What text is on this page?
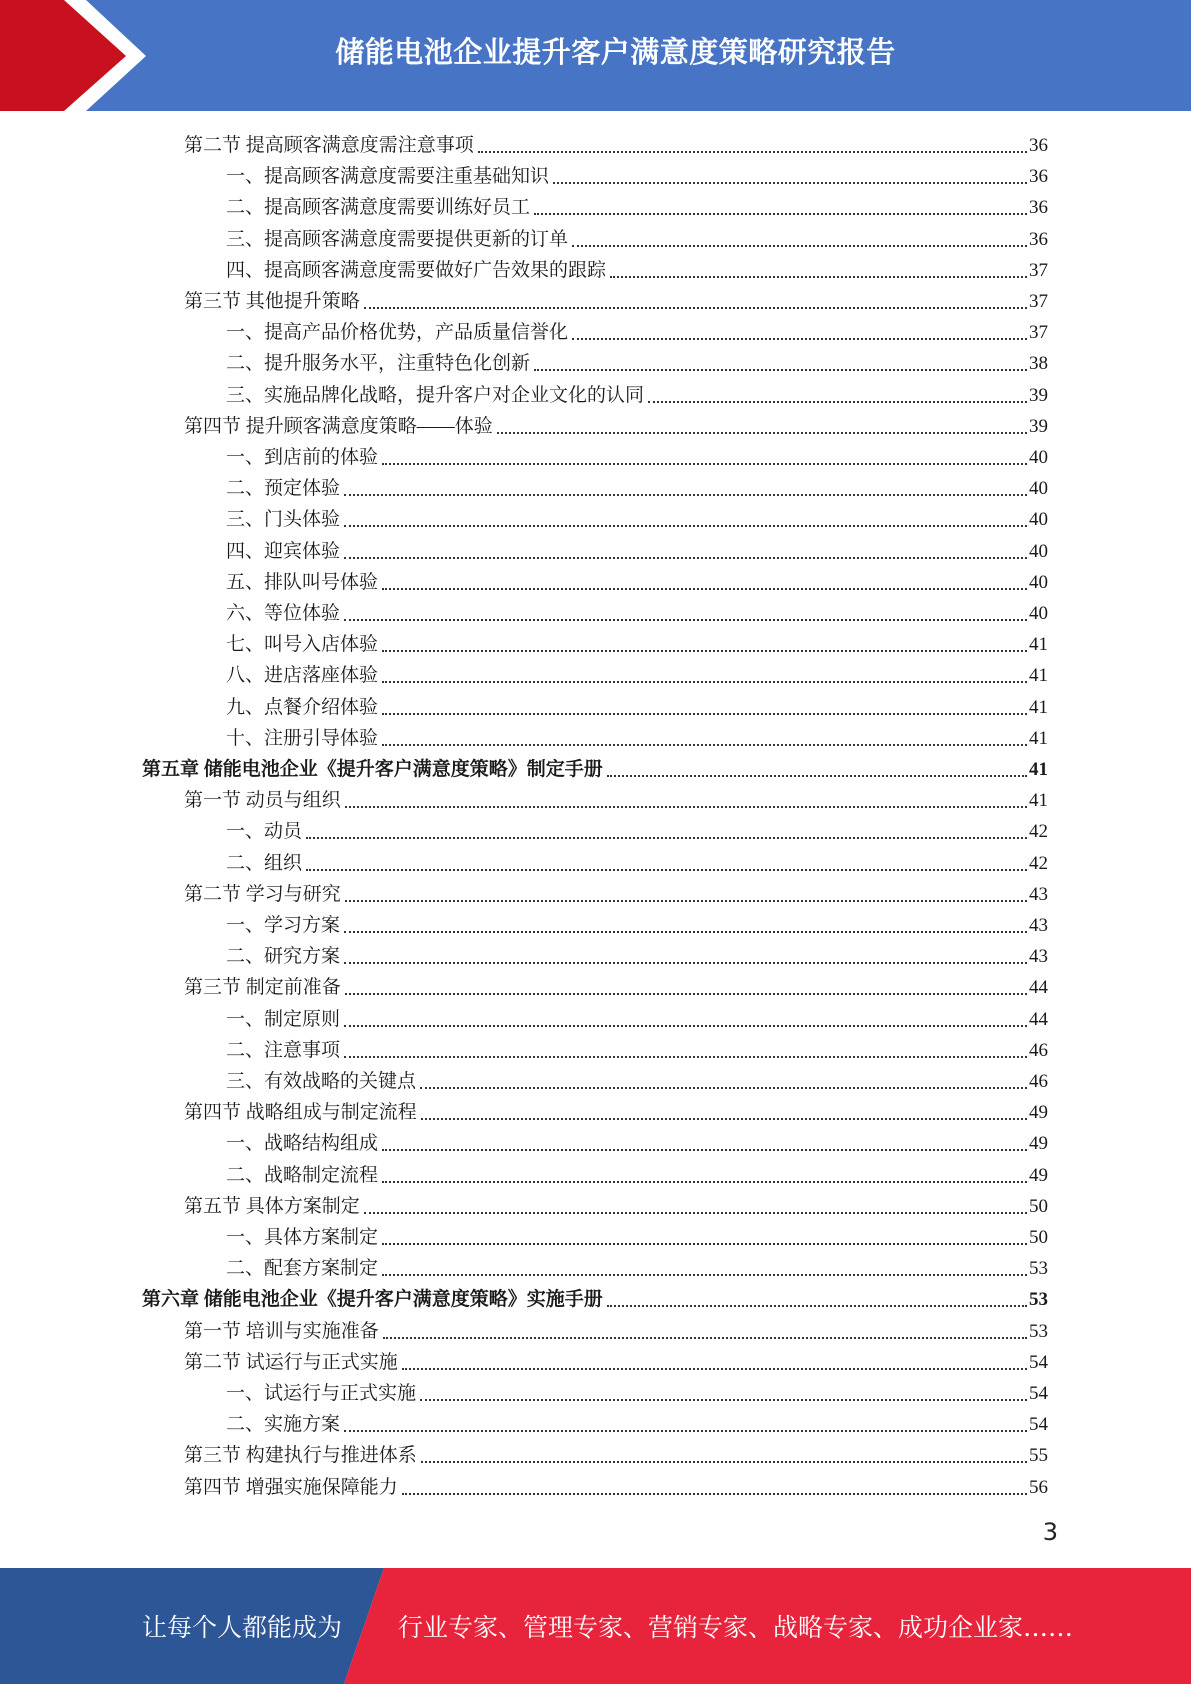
储能电池企业提升客户满意度策略研究报告
第二节 提高顾客满意度需注意事项	36
一、提高顾客满意度需要注重基础知识	36
二、提高顾客满意度需要训练好员工	36
三、提高顾客满意度需要提供更新的订单	36
四、提高顾客满意度需要做好广告效果的跟踪	37
第三节 其他提升策略	37
一、提高产品价格优势，产品质量信誉化	37
二、提升服务水平，注重特色化创新	38
三、实施品牌化战略，提升客户对企业文化的认同	39
第四节 提升顾客满意度策略——体验	39
一、到店前的体验	40
二、预定体验	40
三、门头体验	40
四、迎宾体验	40
五、排队叫号体验	40
六、等位体验	40
七、叫号入店体验	41
八、进店落座体验	41
九、点餐介绍体验	41
十、注册引导体验	41
第五章 储能电池企业《提升客户满意度策略》制定手册	41
第一节 动员与组织	41
一、动员	42
二、组织	42
第二节 学习与研究	43
一、学习方案	43
二、研究方案	43
第三节 制定前准备	44
一、制定原则	44
二、注意事项	46
三、有效战略的关键点	46
第四节 战略组成与制定流程	49
一、战略结构组成	49
二、战略制定流程	49
第五节 具体方案制定	50
一、具体方案制定	50
二、配套方案制定	53
第六章 储能电池企业《提升客户满意度策略》实施手册	53
第一节 培训与实施准备	53
第二节 试运行与正式实施	54
一、试运行与正式实施	54
二、实施方案	54
第三节 构建执行与推进体系	55
第四节 增强实施保障能力	56
3
让每个人都能成为 行业专家、管理专家、营销专家、战略专家、成功企业家……
